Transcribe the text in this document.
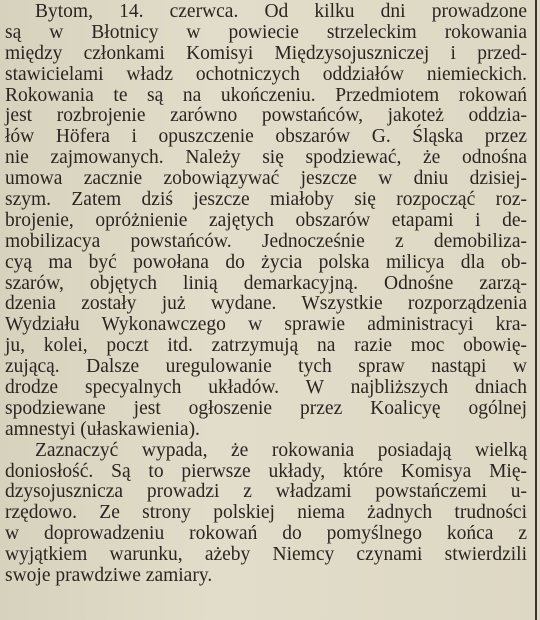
Bytom, 14. czerwca. Od kilku dni prowadzone
są w Błotnicy w powiecie strzeleckim rokowania
między członkami Komisyi Międzysojuszniczej i przed-
stawicielami władz ochotniczych oddziałów niemieckich.
Rokowania te są na ukończeniu. Przedmiotem rokowań
jest rozbrojenie zarówno powstańców, jakoteż oddzia-
łów Höfera i opuszczenie obszarów G. Śląska przez
nie zajmowanych. Należy się spodziewać, że odnośna
umowa zacznie zobowiązywać jeszcze w dniu dzisiej-
szym. Zatem dziś jeszcze miałoby się rozpocząć roz-
brojenie, opróżnienie zajętych obszarów etapami i de-
mobilizacya powstańców. Jednocześnie z demobiliza-
cyą ma być powołana do życia polska milicya dla ob-
szarów, objętych linią demarkacyjną. Odnośne zarzą-
dzenia zostały już wydane. Wszystkie rozporządzenia
Wydziału Wykonawczego w sprawie administracyi kra-
ju, kolei, poczt itd. zatrzymują na razie moc obowię-
zującą. Dalsze uregulowanie tych spraw nastąpi w
drodze specyalnych układów. W najbliższych dniach
spodziewane jest ogłoszenie przez Koalicyę ogólnej
amnestyi (ułaskawienia).
Zaznaczyć wypada, że rokowania posiadają wielką
doniosłość. Są to pierwsze układy, które Komisya Mię-
dzysojusznicza prowadzi z władzami powstańczemi u-
rzędowo. Ze strony polskiej niema żadnych trudności
w doprowadzeniu rokowań do pomyślnego końca z
wyjątkiem warunku, ażeby Niemcy czynami stwierdzili
swoje prawdziwe zamiary.
